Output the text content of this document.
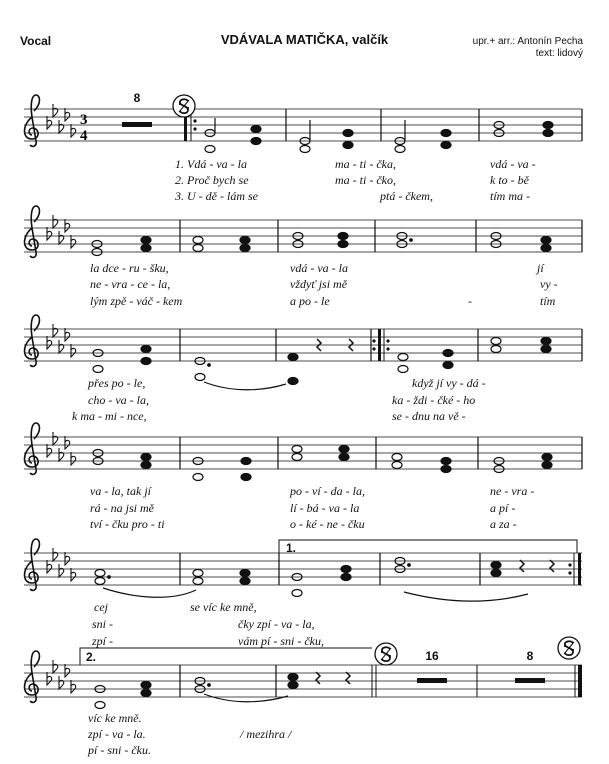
Vocal	VDÁVALA MATIČKA, valčík	upr.+ arr.: Antonín Pecha
text: lidový
3
4
8
1. Vdá - va - la	ma - ti - čka,	vdá - va -
2. Proč bych se	ma - ti - čko,	k to - bě
3. U - dě - lám se	ptá - čkem,	tím ma -
la dce - ru - šku,	vdá - va - la	jí
ne - vra - ce - la,	vždyť jsi mě	vy -
lým zpě - váč - kem	a po - le	-	tím
přes po - le,	když jí vy - dá -
cho - va - la,	ka - ždi - čké - ho
k ma - mi - nce,	se - dnu na vě -
va - la, tak jí	po - ví - da - la,	ne - vra -
rá - na jsi mě	lí - bá - va - la	a pí -
tví - čku pro - ti	o - ké - ne - čku	a za -
1.
cej	se víc ke mně,
sni -	čky zpí - va - la,
zpí -	vám pí - sni - čku,
2.	16	8
víc ke mně.
zpí - va - la.	/ mezihra /
pí - sni - čku.
